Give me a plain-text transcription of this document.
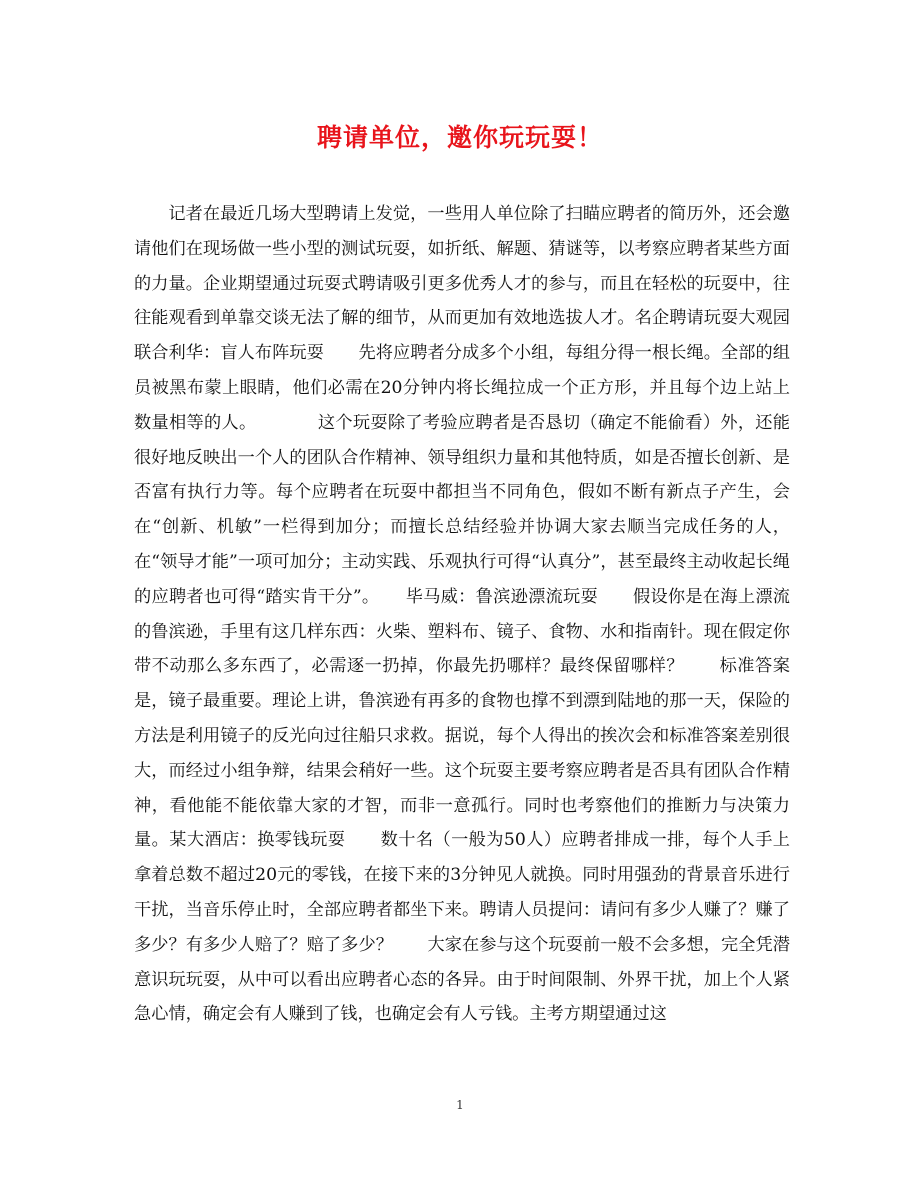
聘请单位，邀你玩玩耍！

记者在最近几场大型聘请上发觉，一些用人单位除了扫瞄应聘者的简历外，还会邀请他们在现场做一些小型的测试玩耍，如折纸、解题、猜谜等，以考察应聘者某些方面的力量。企业期望通过玩耍式聘请吸引更多优秀人才的参与，而且在轻松的玩耍中，往往能观看到单靠交谈无法了解的细节，从而更加有效地选拔人才。名企聘请玩耍大观园　　联合利华：盲人布阵玩耍　　先将应聘者分成多个小组，每组分得一根长绳。全部的组员被黑布蒙上眼睛，他们必需在20分钟内将长绳拉成一个正方形，并且每个边上站上数量相等的人。　　　　这个玩耍除了考验应聘者是否恳切（确定不能偷看）外，还能很好地反映出一个人的团队合作精神、领导组织力量和其他特质，如是否擅长创新、是否富有执行力等。每个应聘者在玩耍中都担当不同角色，假如不断有新点子产生，会在“创新、机敏”一栏得到加分；而擅长总结经验并协调大家去顺当完成任务的人，在“领导才能”一项可加分；主动实践、乐观执行可得“认真分”，甚至最终主动收起长绳的应聘者也可得“踏实肯干分”。　　毕马威：鲁滨逊漂流玩耍　　假设你是在海上漂流的鲁滨逊，手里有这几样东西：火柴、塑料布、镜子、食物、水和指南针。现在假定你带不动那么多东西了，必需逐一扔掉，你最先扔哪样？最终保留哪样？　　标准答案是，镜子最重要。理论上讲，鲁滨逊有再多的食物也撑不到漂到陆地的那一天，保险的方法是利用镜子的反光向过往船只求救。据说，每个人得出的挨次会和标准答案差别很大，而经过小组争辩，结果会稍好一些。这个玩耍主要考察应聘者是否具有团队合作精神，看他能不能依靠大家的才智，而非一意孤行。同时也考察他们的推断力与决策力量。某大酒店：换零钱玩耍　　数十名（一般为50人）应聘者排成一排，每个人手上拿着总数不超过20元的零钱，在接下来的3分钟见人就换。同时用强劲的背景音乐进行干扰，当音乐停止时，全部应聘者都坐下来。聘请人员提问：请问有多少人赚了？赚了多少？有多少人赔了？赔了多少？　　大家在参与这个玩耍前一般不会多想，完全凭潜意识玩玩耍，从中可以看出应聘者心态的各异。由于时间限制、外界干扰，加上个人紧急心情，确定会有人赚到了钱，也确定会有人亏钱。主考方期望通过这

1
